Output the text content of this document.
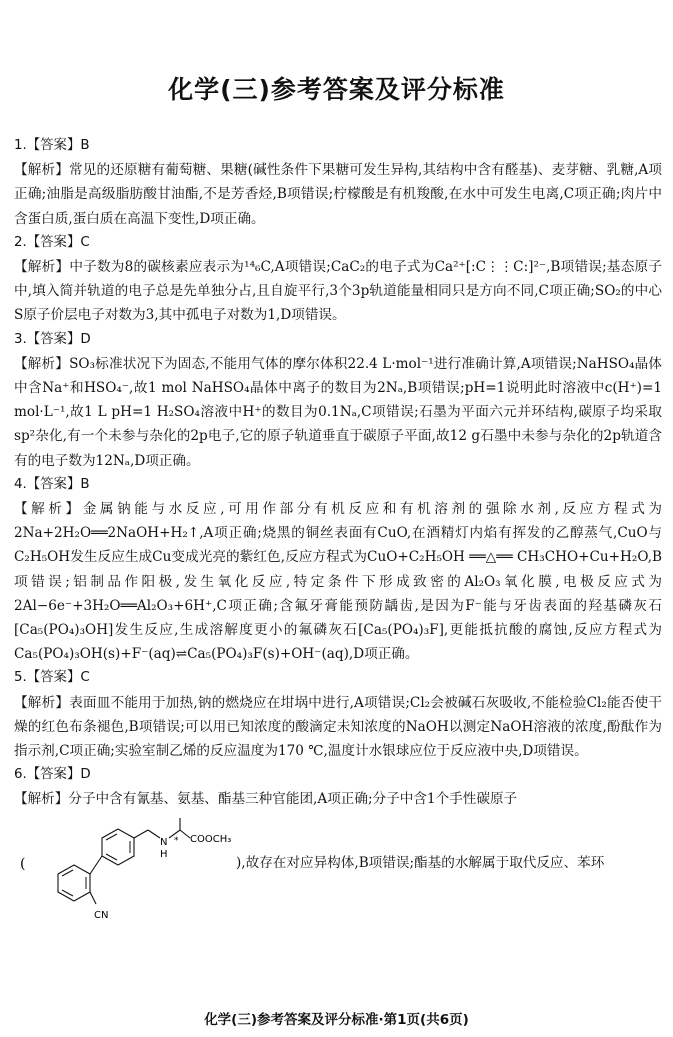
化学(三)参考答案及评分标准

1.【答案】B

【解析】常见的还原糖有葡萄糖、果糖(碱性条件下果糖可发生异构,其结构中含有醛基)、麦芽糖、乳糖,A项正确;油脂是高级脂肪酸甘油酯,不是芳香烃,B项错误;柠檬酸是有机羧酸,在水中可发生电离,C项正确;肉片中含蛋白质,蛋白质在高温下变性,D项正确。

2.【答案】C

【解析】中子数为8的碳核素应表示为¹⁴₆C,A项错误;CaC₂的电子式为Ca²⁺[:C⋮⋮C:]²⁻,B项错误;基态原子中,填入简并轨道的电子总是先单独分占,且自旋平行,3个3p轨道能量相同只是方向不同,C项正确;SO₂的中心S原子价层电子对数为3,其中孤电子对数为1,D项错误。

3.【答案】D

【解析】SO₃标准状况下为固态,不能用气体的摩尔体积22.4 L·mol⁻¹进行准确计算,A项错误;NaHSO₄晶体中含Na⁺和HSO₄⁻,故1 mol NaHSO₄晶体中离子的数目为2Nₐ,B项错误;pH=1说明此时溶液中c(H⁺)=1 mol·L⁻¹,故1 L pH=1 H₂SO₄溶液中H⁺的数目为0.1Nₐ,C项错误;石墨为平面六元并环结构,碳原子均采取sp²杂化,有一个未参与杂化的2p电子,它的原子轨道垂直于碳原子平面,故12 g石墨中未参与杂化的2p轨道含有的电子数为12Nₐ,D项正确。

4.【答案】B

【解析】金属钠能与水反应,可用作部分有机反应和有机溶剂的强除水剂,反应方程式为2Na+2H₂O══2NaOH+H₂↑,A项正确;烧黑的铜丝表面有CuO,在酒精灯内焰有挥发的乙醇蒸气,CuO与C₂H₅OH发生反应生成Cu变成光亮的紫红色,反应方程式为CuO+C₂H₅OH ══△══ CH₃CHO+Cu+H₂O,B项错误;铝制品作阳极,发生氧化反应,特定条件下形成致密的Al₂O₃氧化膜,电极反应式为2Al−6e⁻+3H₂O══Al₂O₃+6H⁺,C项正确;含氟牙膏能预防龋齿,是因为F⁻能与牙齿表面的羟基磷灰石[Ca₅(PO₄)₃OH]发生反应,生成溶解度更小的氟磷灰石[Ca₅(PO₄)₃F],更能抵抗酸的腐蚀,反应方程式为Ca₅(PO₄)₃OH(s)+F⁻(aq)⇌Ca₅(PO₄)₃F(s)+OH⁻(aq),D项正确。

5.【答案】C

【解析】表面皿不能用于加热,钠的燃烧应在坩埚中进行,A项错误;Cl₂会被碱石灰吸收,不能检验Cl₂能否使干燥的红色布条褪色,B项错误;可以用已知浓度的酸滴定未知浓度的NaOH以测定NaOH溶液的浓度,酚酞作为指示剂,C项正确;实验室制乙烯的反应温度为170 ℃,温度计水银球应位于反应液中央,D项错误。

6.【答案】D

【解析】分子中含有氰基、氨基、酯基三种官能团,A项正确;分子中含1个手性碳原子

(
CN
N
H
* COOCH₃
),故存在对应异构体,B项错误;酯基的水解属于取代反应、苯环
化学(三)参考答案及评分标准·第1页(共6页)
